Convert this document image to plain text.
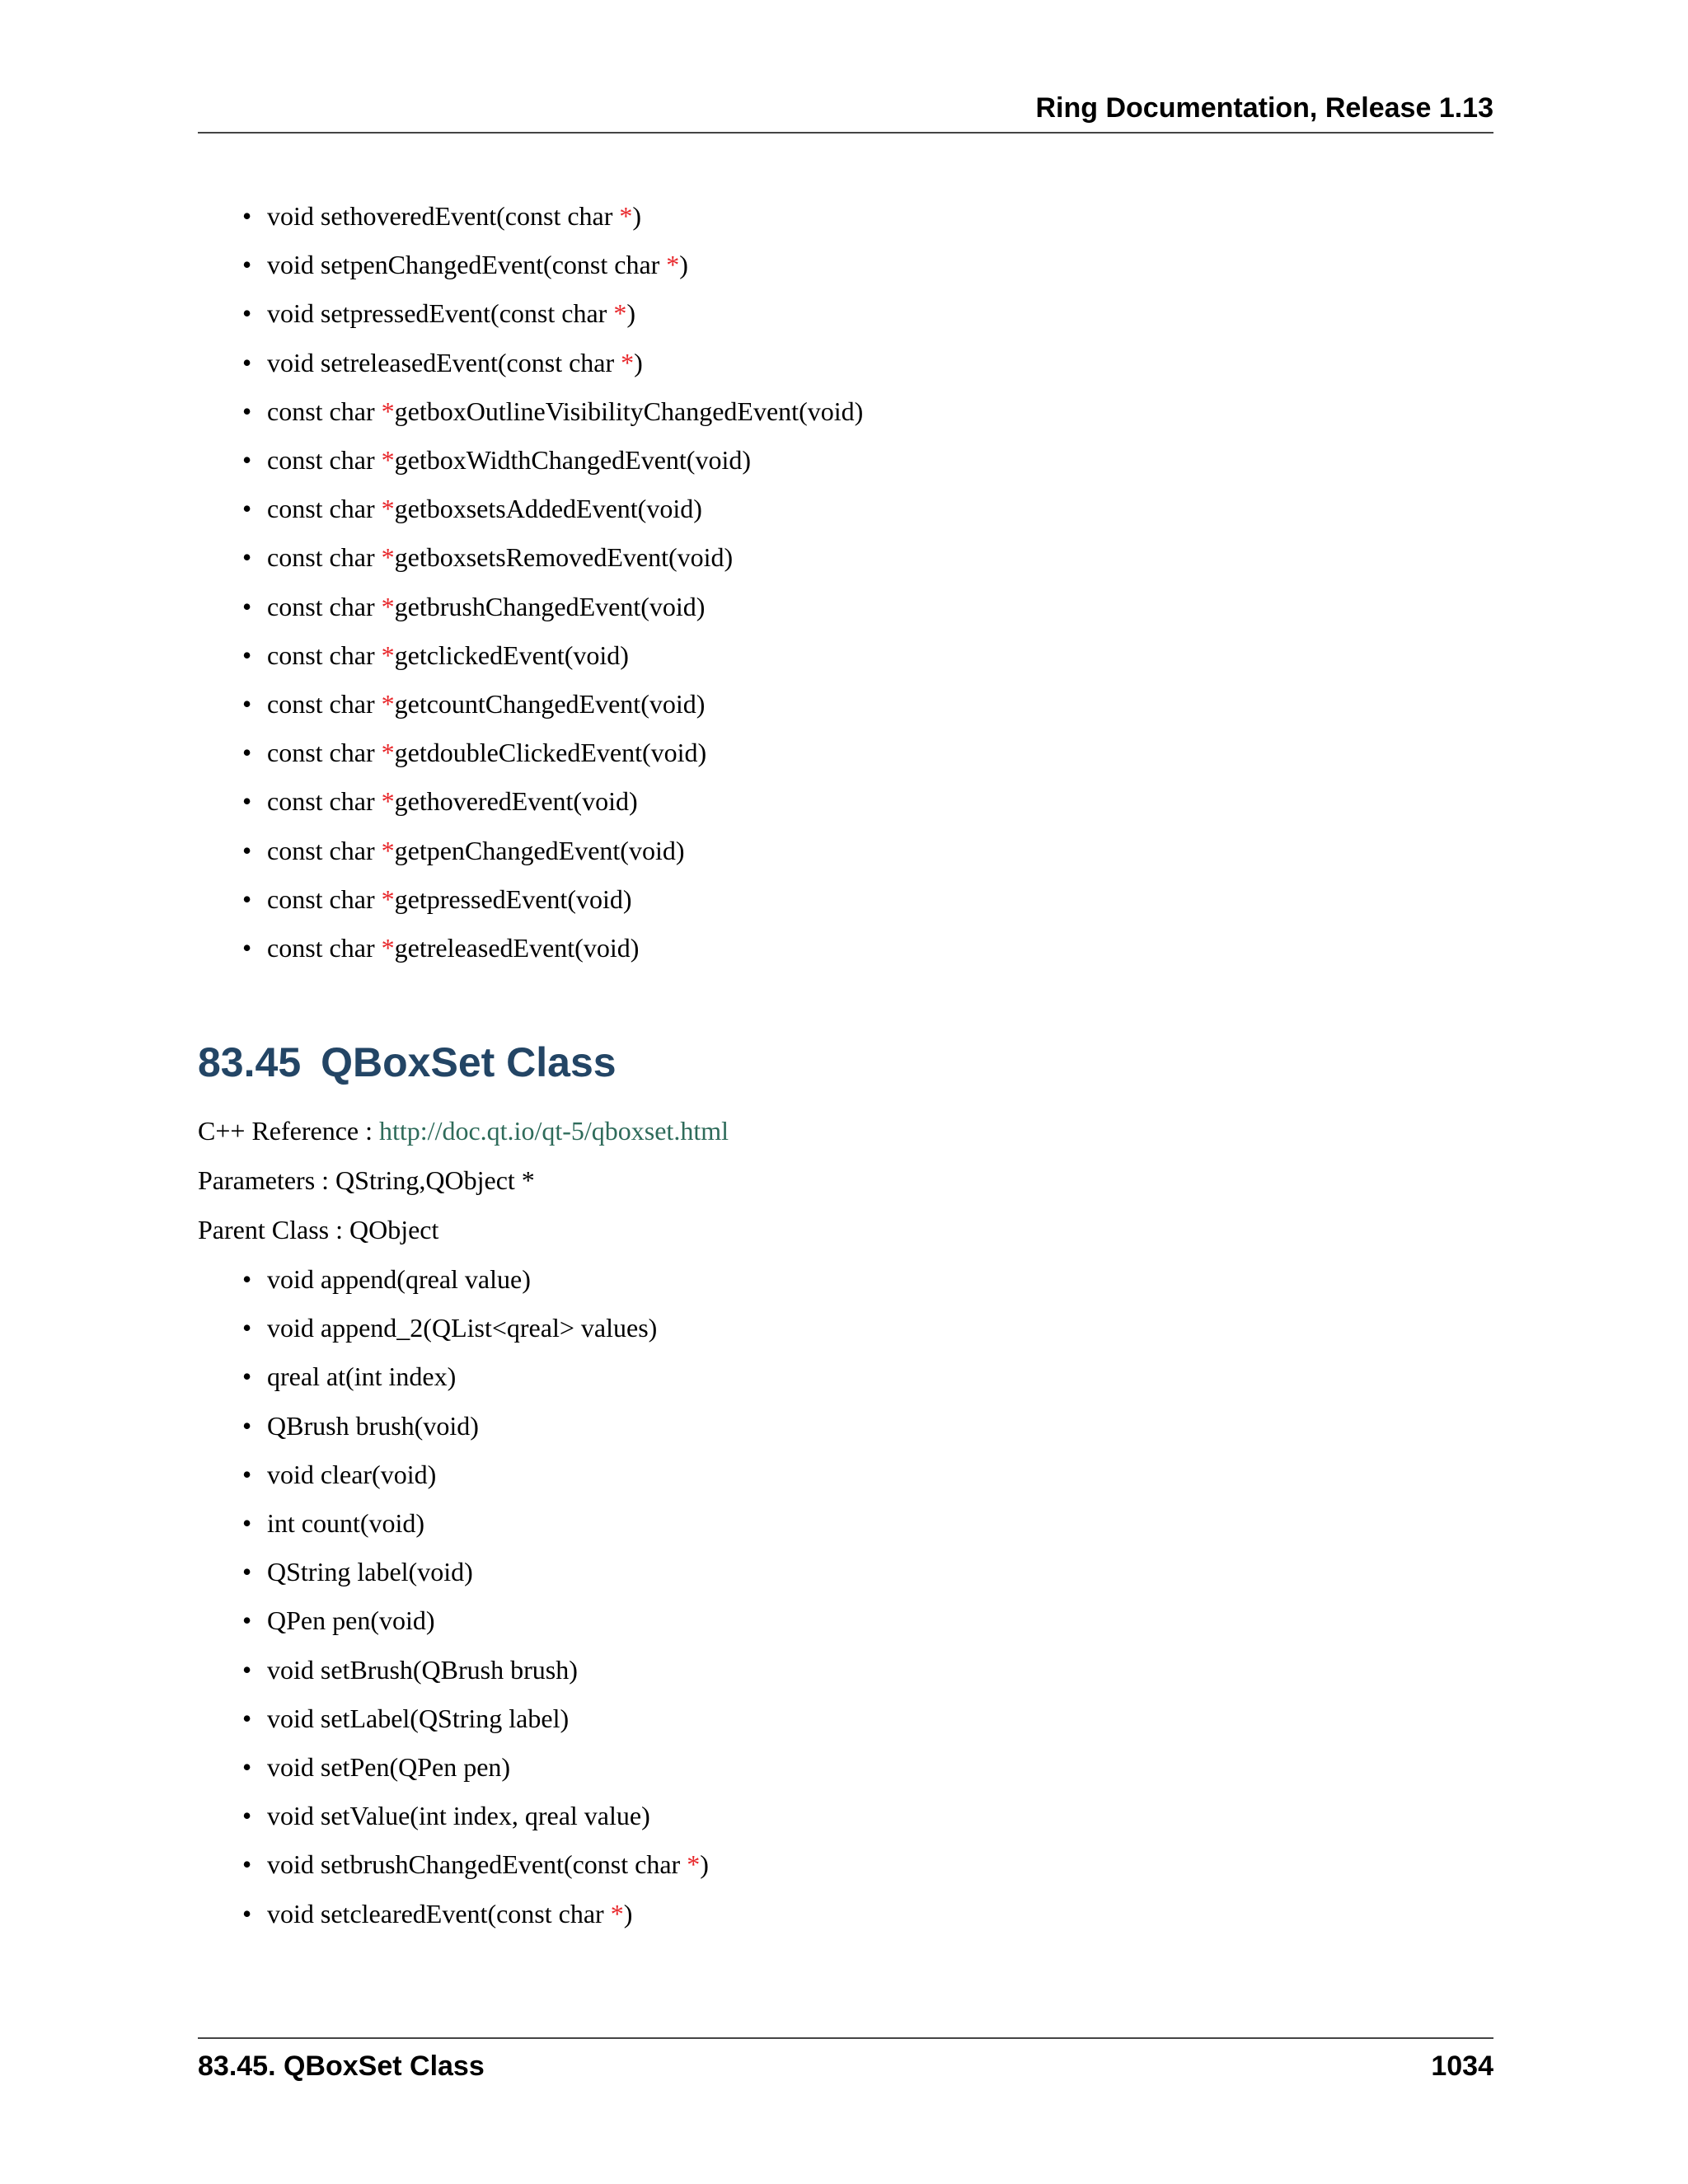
Ring Documentation, Release 1.13
• void sethoveredEvent(const char *)
• void setpenChangedEvent(const char *)
• void setpressedEvent(const char *)
• void setreleasedEvent(const char *)
• const char *getboxOutlineVisibilityChangedEvent(void)
• const char *getboxWidthChangedEvent(void)
• const char *getboxsetsAddedEvent(void)
• const char *getboxsetsRemovedEvent(void)
• const char *getbrushChangedEvent(void)
• const char *getclickedEvent(void)
• const char *getcountChangedEvent(void)
• const char *getdoubleClickedEvent(void)
• const char *gethoveredEvent(void)
• const char *getpenChangedEvent(void)
• const char *getpressedEvent(void)
• const char *getreleasedEvent(void)
83.45 QBoxSet Class
C++ Reference : http://doc.qt.io/qt-5/qboxset.html
Parameters : QString,QObject *
Parent Class : QObject
• void append(qreal value)
• void append_2(QList<qreal> values)
• qreal at(int index)
• QBrush brush(void)
• void clear(void)
• int count(void)
• QString label(void)
• QPen pen(void)
• void setBrush(QBrush brush)
• void setLabel(QString label)
• void setPen(QPen pen)
• void setValue(int index, qreal value)
• void setbrushChangedEvent(const char *)
• void setclearedEvent(const char *)
83.45. QBoxSet Class	1034
